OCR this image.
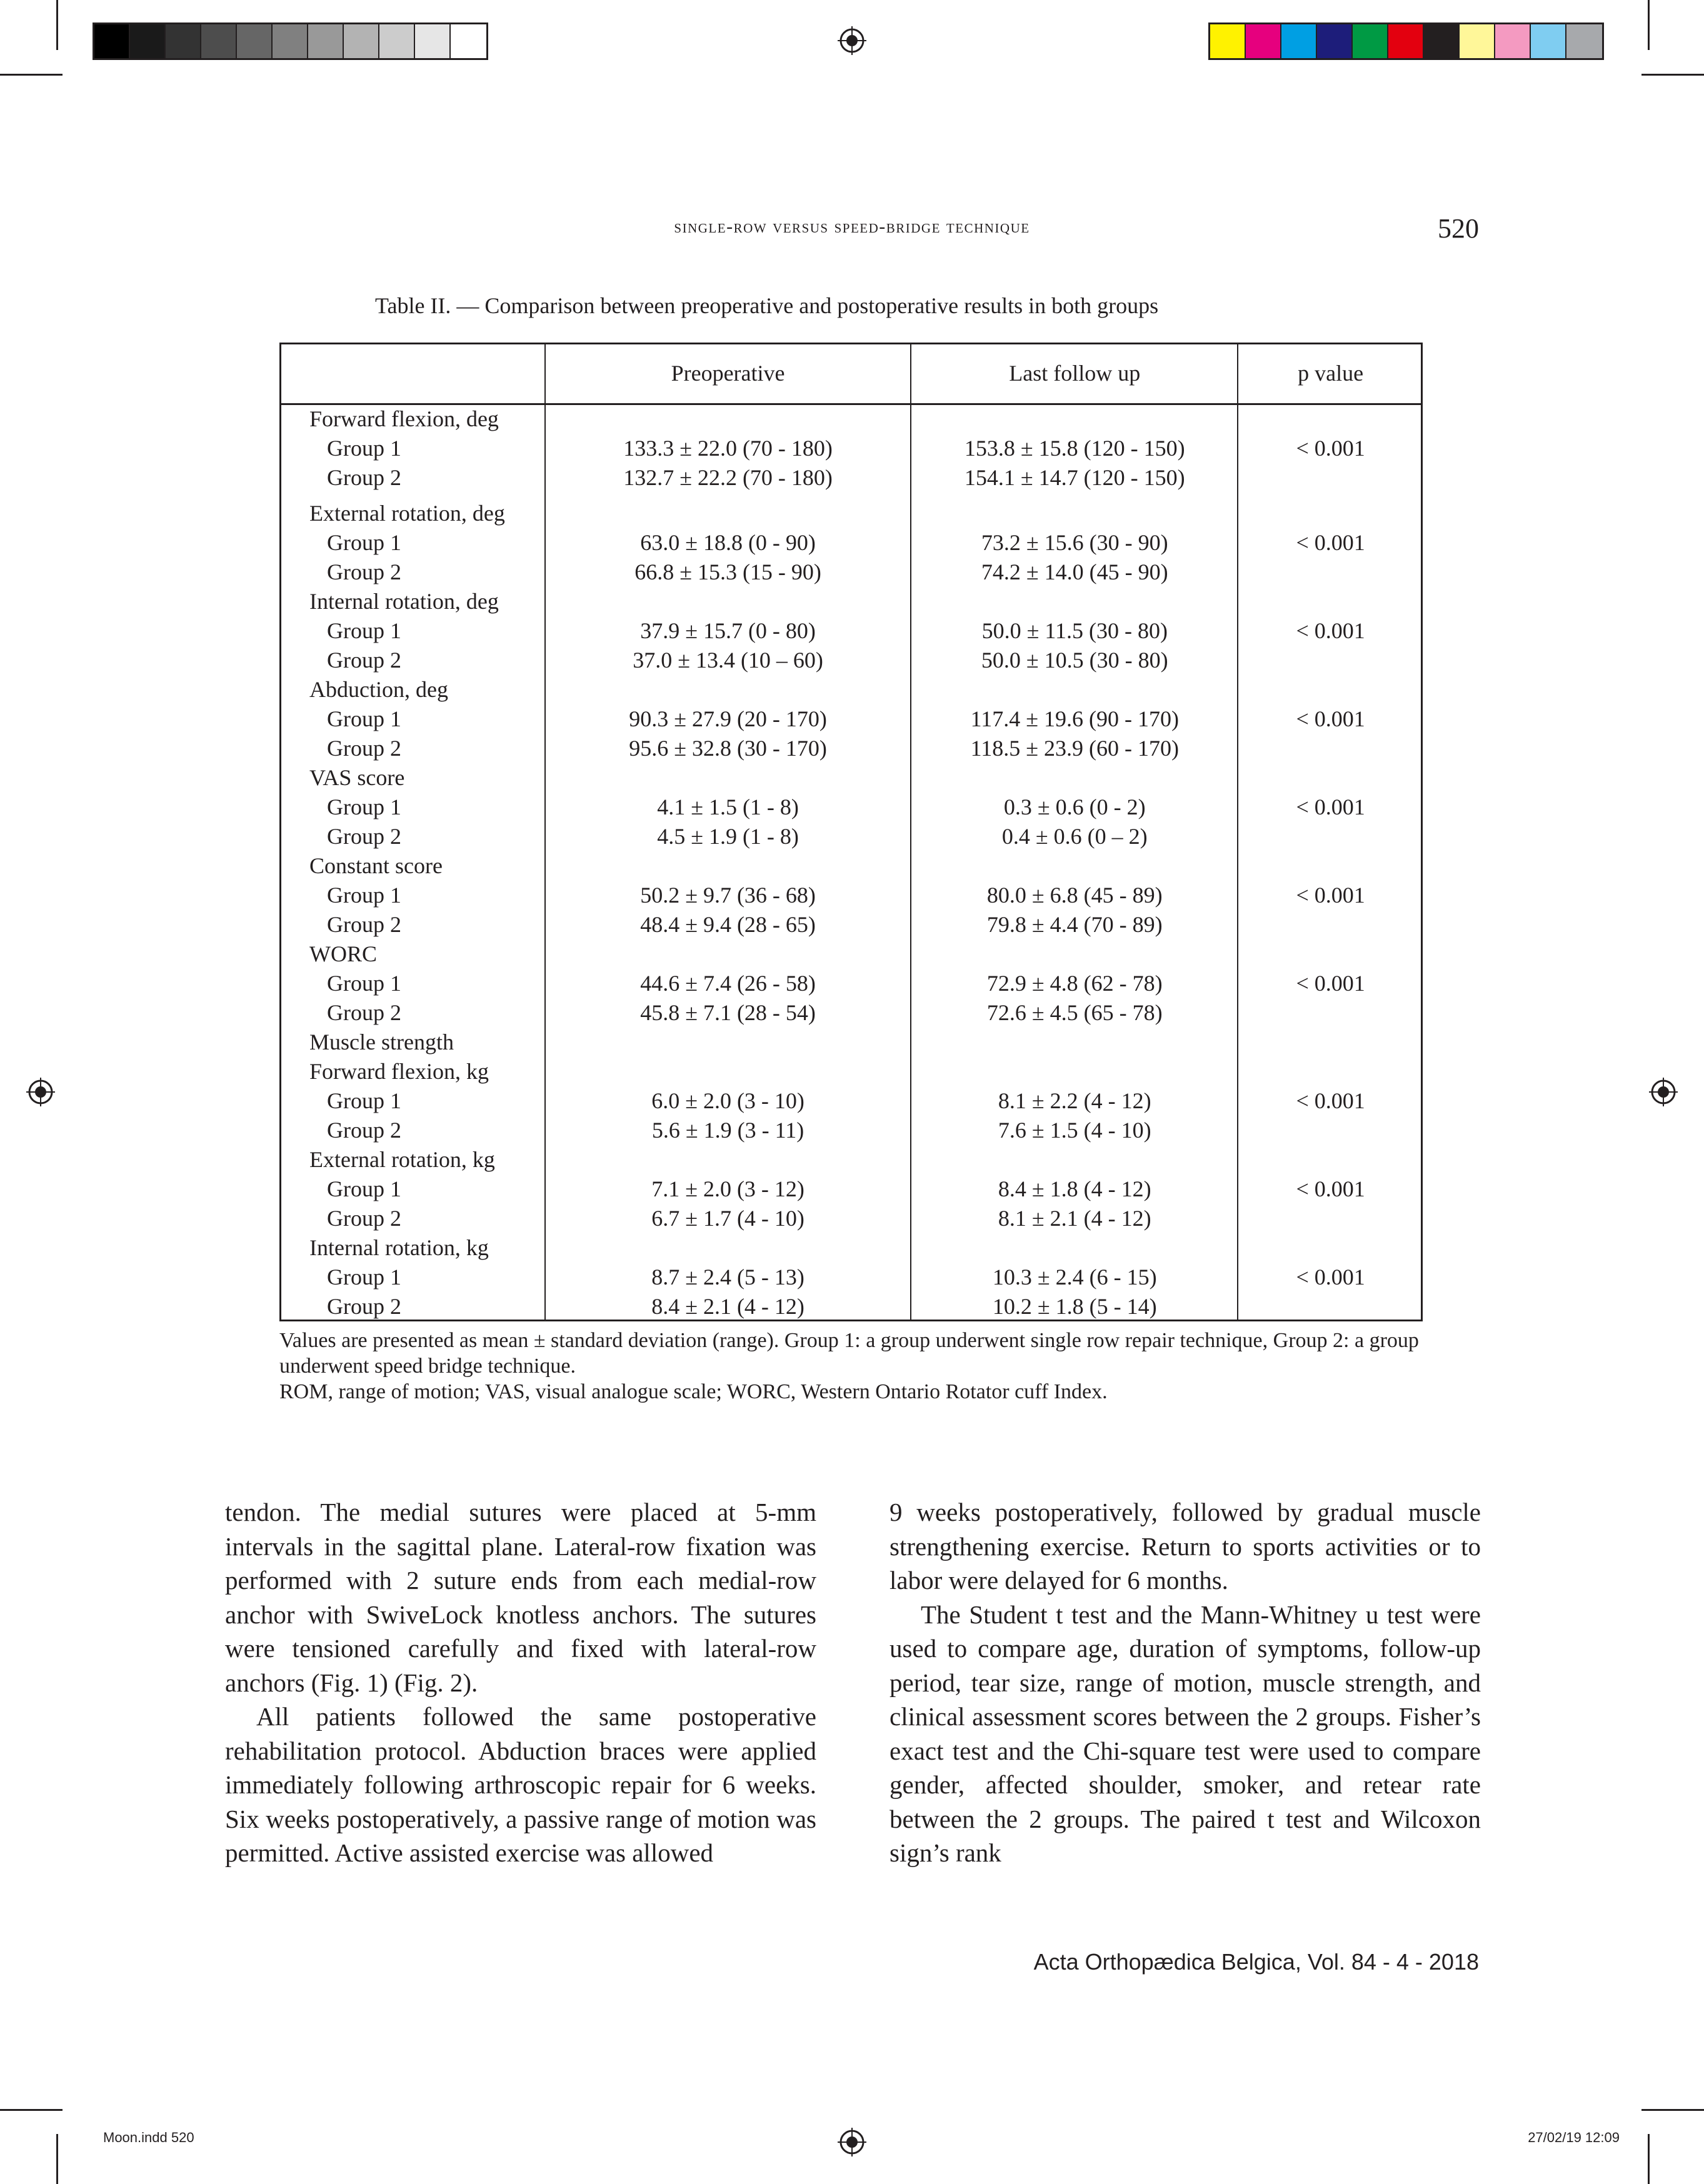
single-row versus speed-bridge technique	520
Table II. — Comparison between preoperative and postoperative results in both groups
	Preoperative	Last follow up	p value
Forward flexion, deg			
Group 1	133.3 ± 22.0 (70 - 180)	153.8 ± 15.8 (120 - 150)	< 0.001
Group 2	132.7 ± 22.2 (70 - 180)	154.1 ± 14.7 (120 - 150)	

External rotation, deg			
Group 1	63.0 ± 18.8 (0 - 90)	73.2 ± 15.6 (30 - 90)	< 0.001
Group 2	66.8 ± 15.3 (15 - 90)	74.2 ± 14.0 (45 - 90)	
Internal rotation, deg			
Group 1	37.9 ± 15.7 (0 - 80)	50.0 ± 11.5 (30 - 80)	< 0.001
Group 2	37.0 ± 13.4 (10 – 60)	50.0 ± 10.5 (30 - 80)	
Abduction, deg			
Group 1	90.3 ± 27.9 (20 - 170)	117.4 ± 19.6 (90 - 170)	< 0.001
Group 2	95.6 ± 32.8 (30 - 170)	118.5 ± 23.9 (60 - 170)	
VAS score			
Group 1	4.1 ± 1.5 (1 - 8)	0.3 ± 0.6 (0 - 2)	< 0.001
Group 2	4.5 ± 1.9 (1 - 8)	0.4 ± 0.6 (0 – 2)	
Constant score			
Group 1	50.2 ± 9.7 (36 - 68)	80.0 ± 6.8 (45 - 89)	< 0.001
Group 2	48.4 ± 9.4 (28 - 65)	79.8 ± 4.4 (70 - 89)	
WORC			
Group 1	44.6 ± 7.4 (26 - 58)	72.9 ± 4.8 (62 - 78)	< 0.001
Group 2	45.8 ± 7.1 (28 - 54)	72.6 ± 4.5 (65 - 78)	
Muscle strength			
Forward flexion, kg			
Group 1	6.0 ± 2.0 (3 - 10)	8.1 ± 2.2 (4 - 12)	< 0.001
Group 2	5.6 ± 1.9 (3 - 11)	7.6 ± 1.5 (4 - 10)	
External rotation, kg			
Group 1	7.1 ± 2.0 (3 - 12)	8.4 ± 1.8 (4 - 12)	< 0.001
Group 2	6.7 ± 1.7 (4 - 10)	8.1 ± 2.1 (4 - 12)	
Internal rotation, kg			
Group 1	8.7 ± 2.4 (5 - 13)	10.3 ± 2.4 (6 - 15)	< 0.001
Group 2	8.4 ± 2.1 (4 - 12)	10.2 ± 1.8 (5 - 14)	
Values are presented as mean ± standard deviation (range). Group 1: a group underwent single row repair technique, Group 2: a group underwent speed bridge technique.
ROM, range of motion; VAS, visual analogue scale; WORC, Western Ontario Rotator cuff Index.

tendon. The medial sutures were placed at 5-mm intervals in the sagittal plane. Lateral-row fixation was performed with 2 suture ends from each medial-row anchor with SwiveLock knotless anchors. The sutures were tensioned carefully and fixed with lateral-row anchors (Fig. 1) (Fig. 2).

All patients followed the same postoperative rehabilitation protocol. Abduction braces were applied immediately following arthroscopic repair for 6 weeks. Six weeks postoperatively, a passive range of motion was permitted. Active assisted exercise was allowed

9 weeks postoperatively, followed by gradual muscle strengthening exercise. Return to sports activities or to labor were delayed for 6 months.

The Student t test and the Mann-Whitney u test were used to compare age, duration of symptoms, follow-up period, tear size, range of motion, muscle strength, and clinical assessment scores between the 2 groups. Fisher’s exact test and the Chi-square test were used to compare gender, affected shoulder, smoker, and retear rate between the 2 groups. The paired t test and Wilcoxon sign’s rank

Acta Orthopædica Belgica, Vol. 84 - 4 - 2018
Moon.indd 520	27/02/19 12:09
